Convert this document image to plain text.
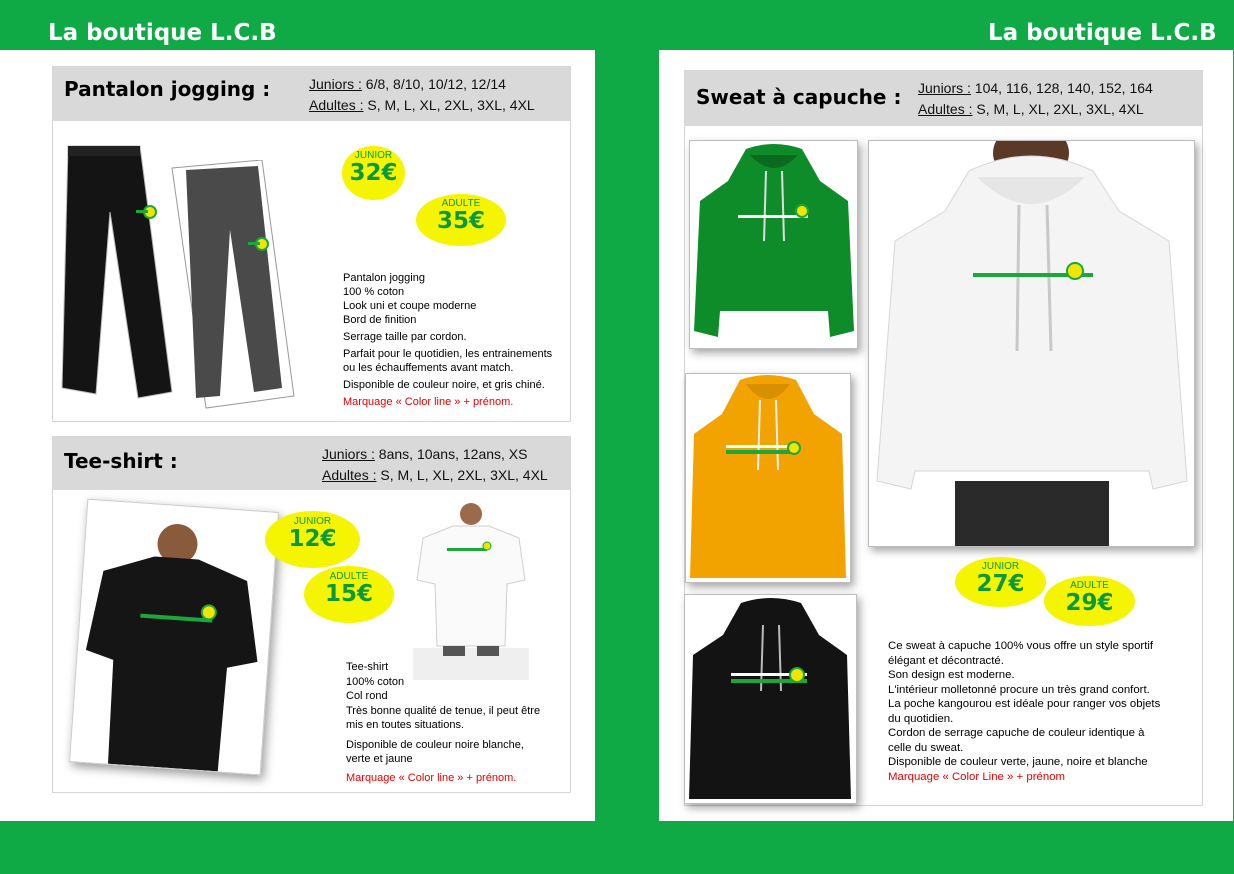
La boutique L.C.B	La boutique L.C.B
Pantalon jogging :	Juniors : 6/8, 8/10, 10/12, 12/14
Adultes : S, M, L, XL, 2XL, 3XL, 4XL
JUNIOR
32€
ADULTE
35€
Pantalon jogging
100 % coton
Look uni et coupe moderne
Bord de finition
Serrage taille par cordon.
Parfait pour le quotidien, les entrainements
ou les échauffements avant match.
Disponible de couleur noire, et gris chiné.
Marquage « Color line » + prénom.
Tee-shirt :	Juniors : 8ans, 10ans, 12ans, XS
Adultes : S, M, L, XL, 2XL, 3XL, 4XL
JUNIOR
12€
ADULTE
15€
Tee-shirt
100% coton
Col rond
Très bonne qualité de tenue, il peut être
mis en toutes situations.
Disponible de couleur noire blanche,
verte et jaune
Marquage « Color line » + prénom.
Sweat à capuche : Juniors : 104, 116, 128, 140, 152, 164
Adultes : S, M, L, XL, 2XL, 3XL, 4XL
JUNIOR
27€	ADULTE
29€
Ce sweat à capuche 100% vous offre un style sportif
élégant et décontracté.
Son design est moderne.
L'intérieur molletonné procure un très grand confort.
La poche kangourou est idéale pour ranger vos objets
du quotidien.
Cordon de serrage capuche de couleur identique à
celle du sweat.
Disponible de couleur verte, jaune, noire et blanche
Marquage « Color Line » + prénom
